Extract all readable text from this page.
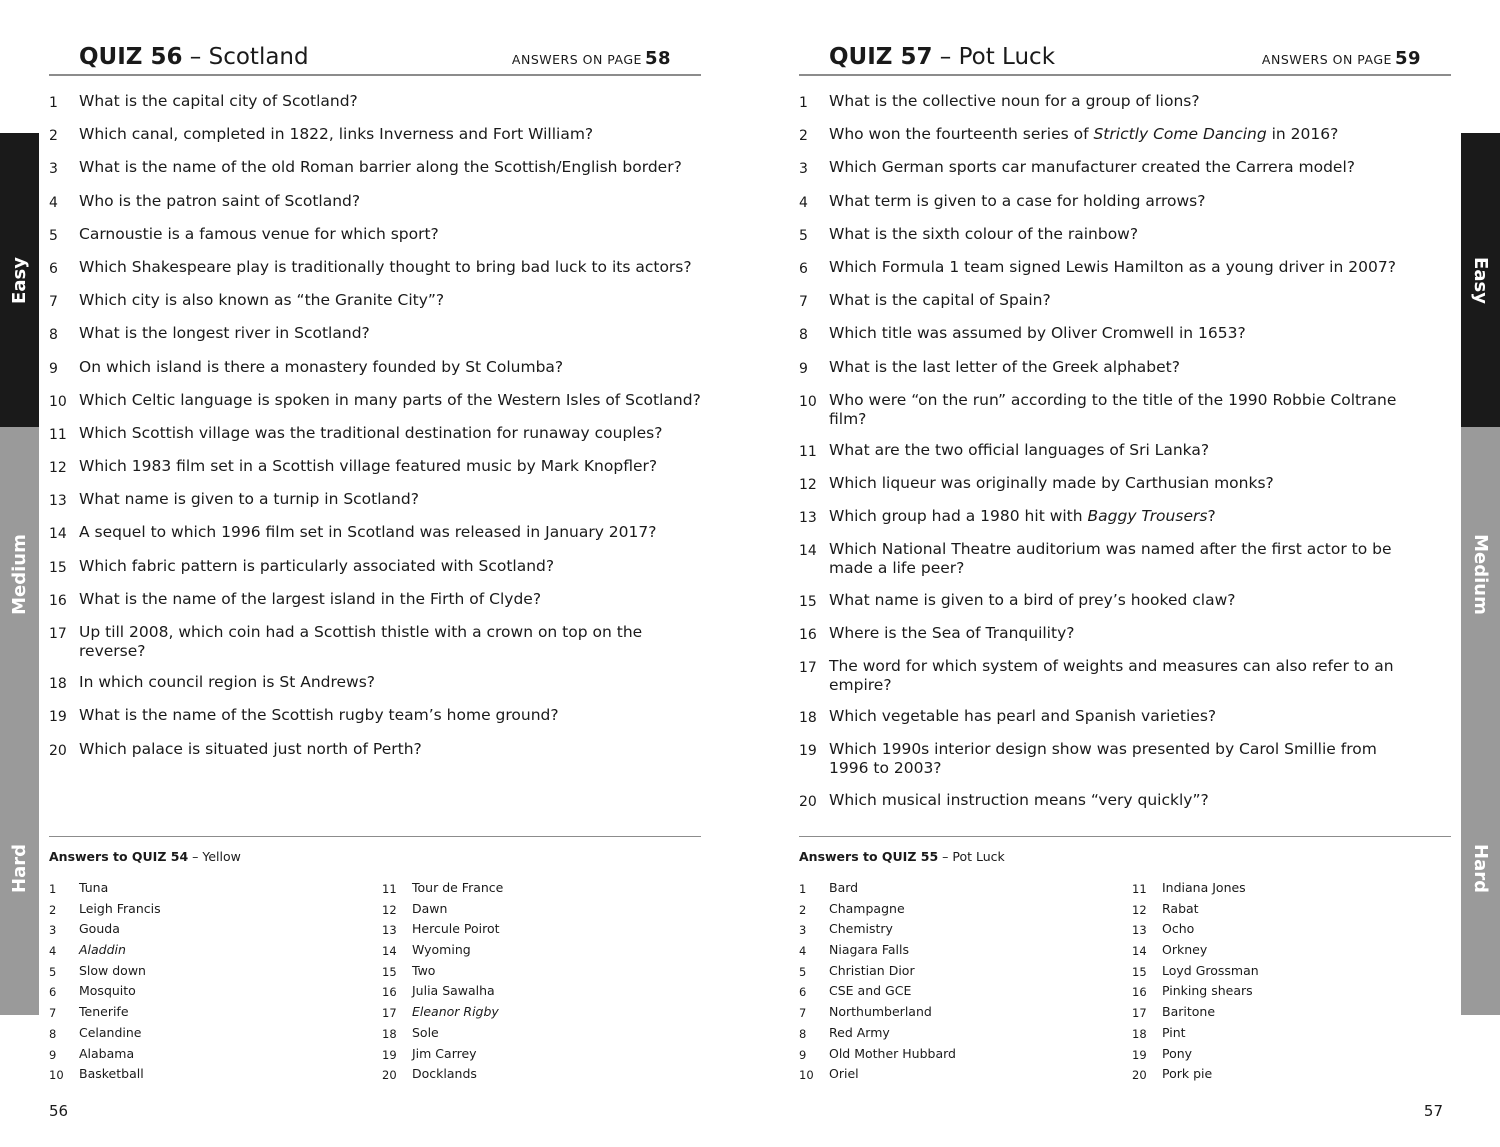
Easy
Medium
Hard
QUIZ 56 – Scotland	ANSWERS ON PAGE 58
1	What is the capital city of Scotland?
2	Which canal, completed in 1822, links Inverness and Fort William?
3	What is the name of the old Roman barrier along the Scottish/English border?
4	Who is the patron saint of Scotland?
5	Carnoustie is a famous venue for which sport?
6	Which Shakespeare play is traditionally thought to bring bad luck to its actors?
7	Which city is also known as “the Granite City”?
8	What is the longest river in Scotland?
9	On which island is there a monastery founded by St Columba?
10 Which Celtic language is spoken in many parts of the Western Isles of Scotland?
11 Which Scottish village was the traditional destination for runaway couples?
12 Which 1983 film set in a Scottish village featured music by Mark Knopfler?
13 What name is given to a turnip in Scotland?
14 A sequel to which 1996 film set in Scotland was released in January 2017?
15 Which fabric pattern is particularly associated with Scotland?
16 What is the name of the largest island in the Firth of Clyde?
17 Up till 2008, which coin had a Scottish thistle with a crown on top on the reverse?
18 In which council region is St Andrews?
19 What is the name of the Scottish rugby team’s home ground?
20 Which palace is situated just north of Perth?
Answers to QUIZ 54 – Yellow
1	Tuna
2	Leigh Francis
3	Gouda
4	Aladdin
5	Slow down
6	Mosquito
7	Tenerife
8	Celandine
9	Alabama
10	Basketball
11	Tour de France
12	Dawn
13	Hercule Poirot
14	Wyoming
15	Two
16	Julia Sawalha
17	Eleanor Rigby
18	Sole
19	Jim Carrey
20	Docklands
56
Easy
Medium
Hard
QUIZ 57 – Pot Luck	ANSWERS ON PAGE 59
1	What is the collective noun for a group of lions?
2	Who won the fourteenth series of Strictly Come Dancing in 2016?
3	Which German sports car manufacturer created the Carrera model?
4	What term is given to a case for holding arrows?
5	What is the sixth colour of the rainbow?
6	Which Formula 1 team signed Lewis Hamilton as a young driver in 2007?
7	What is the capital of Spain?
8	Which title was assumed by Oliver Cromwell in 1653?
9	What is the last letter of the Greek alphabet?
10 Who were “on the run” according to the title of the 1990 Robbie Coltrane film?
11 What are the two official languages of Sri Lanka?
12 Which liqueur was originally made by Carthusian monks?
13 Which group had a 1980 hit with Baggy Trousers?
14 Which National Theatre auditorium was named after the first actor to be made a life peer?
15 What name is given to a bird of prey’s hooked claw?
16 Where is the Sea of Tranquility?
17 The word for which system of weights and measures can also refer to an empire?
18 Which vegetable has pearl and Spanish varieties?
19 Which 1990s interior design show was presented by Carol Smillie from 1996 to 2003?
20 Which musical instruction means “very quickly”?
Answers to QUIZ 55 – Pot Luck
1	Bard
2	Champagne
3	Chemistry
4	Niagara Falls
5	Christian Dior
6	CSE and GCE
7	Northumberland
8	Red Army
9	Old Mother Hubbard
10	Oriel
11	Indiana Jones
12	Rabat
13	Ocho
14	Orkney
15	Loyd Grossman
16	Pinking shears
17	Baritone
18	Pint
19	Pony
20	Pork pie
57
